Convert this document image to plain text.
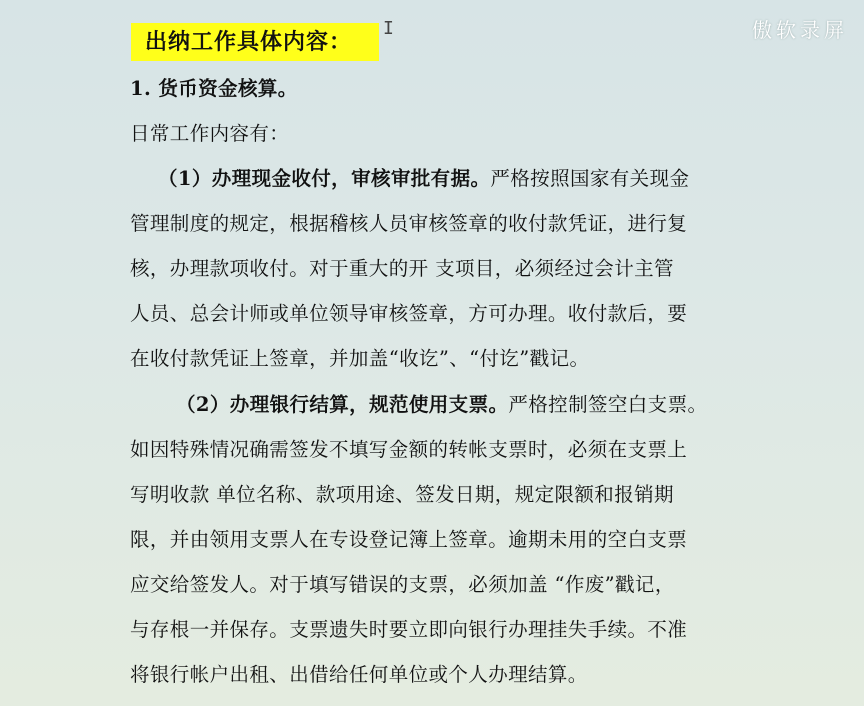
出纳工作具体内容：
I	傲软录屏
1. 货币资金核算。
日常工作内容有：
（1）办理现金收付，审核审批有据。严格按照国家有关现金
管理制度的规定，根据稽核人员审核签章的收付款凭证，进行复
核，办理款项收付。对于重大的开 支项目，必须经过会计主管
人员、总会计师或单位领导审核签章，方可办理。收付款后，要
在收付款凭证上签章，并加盖“收讫”、“付讫”戳记。
（2）办理银行结算，规范使用支票。严格控制签空白支票。
如因特殊情况确需签发不填写金额的转帐支票时，必须在支票上
写明收款 单位名称、款项用途、签发日期，规定限额和报销期
限，并由领用支票人在专设登记簿上签章。逾期未用的空白支票
应交给签发人。对于填写错误的支票，必须加盖 “作废”戳记，
与存根一并保存。支票遗失时要立即向银行办理挂失手续。不准
将银行帐户出租、出借给任何单位或个人办理结算。
